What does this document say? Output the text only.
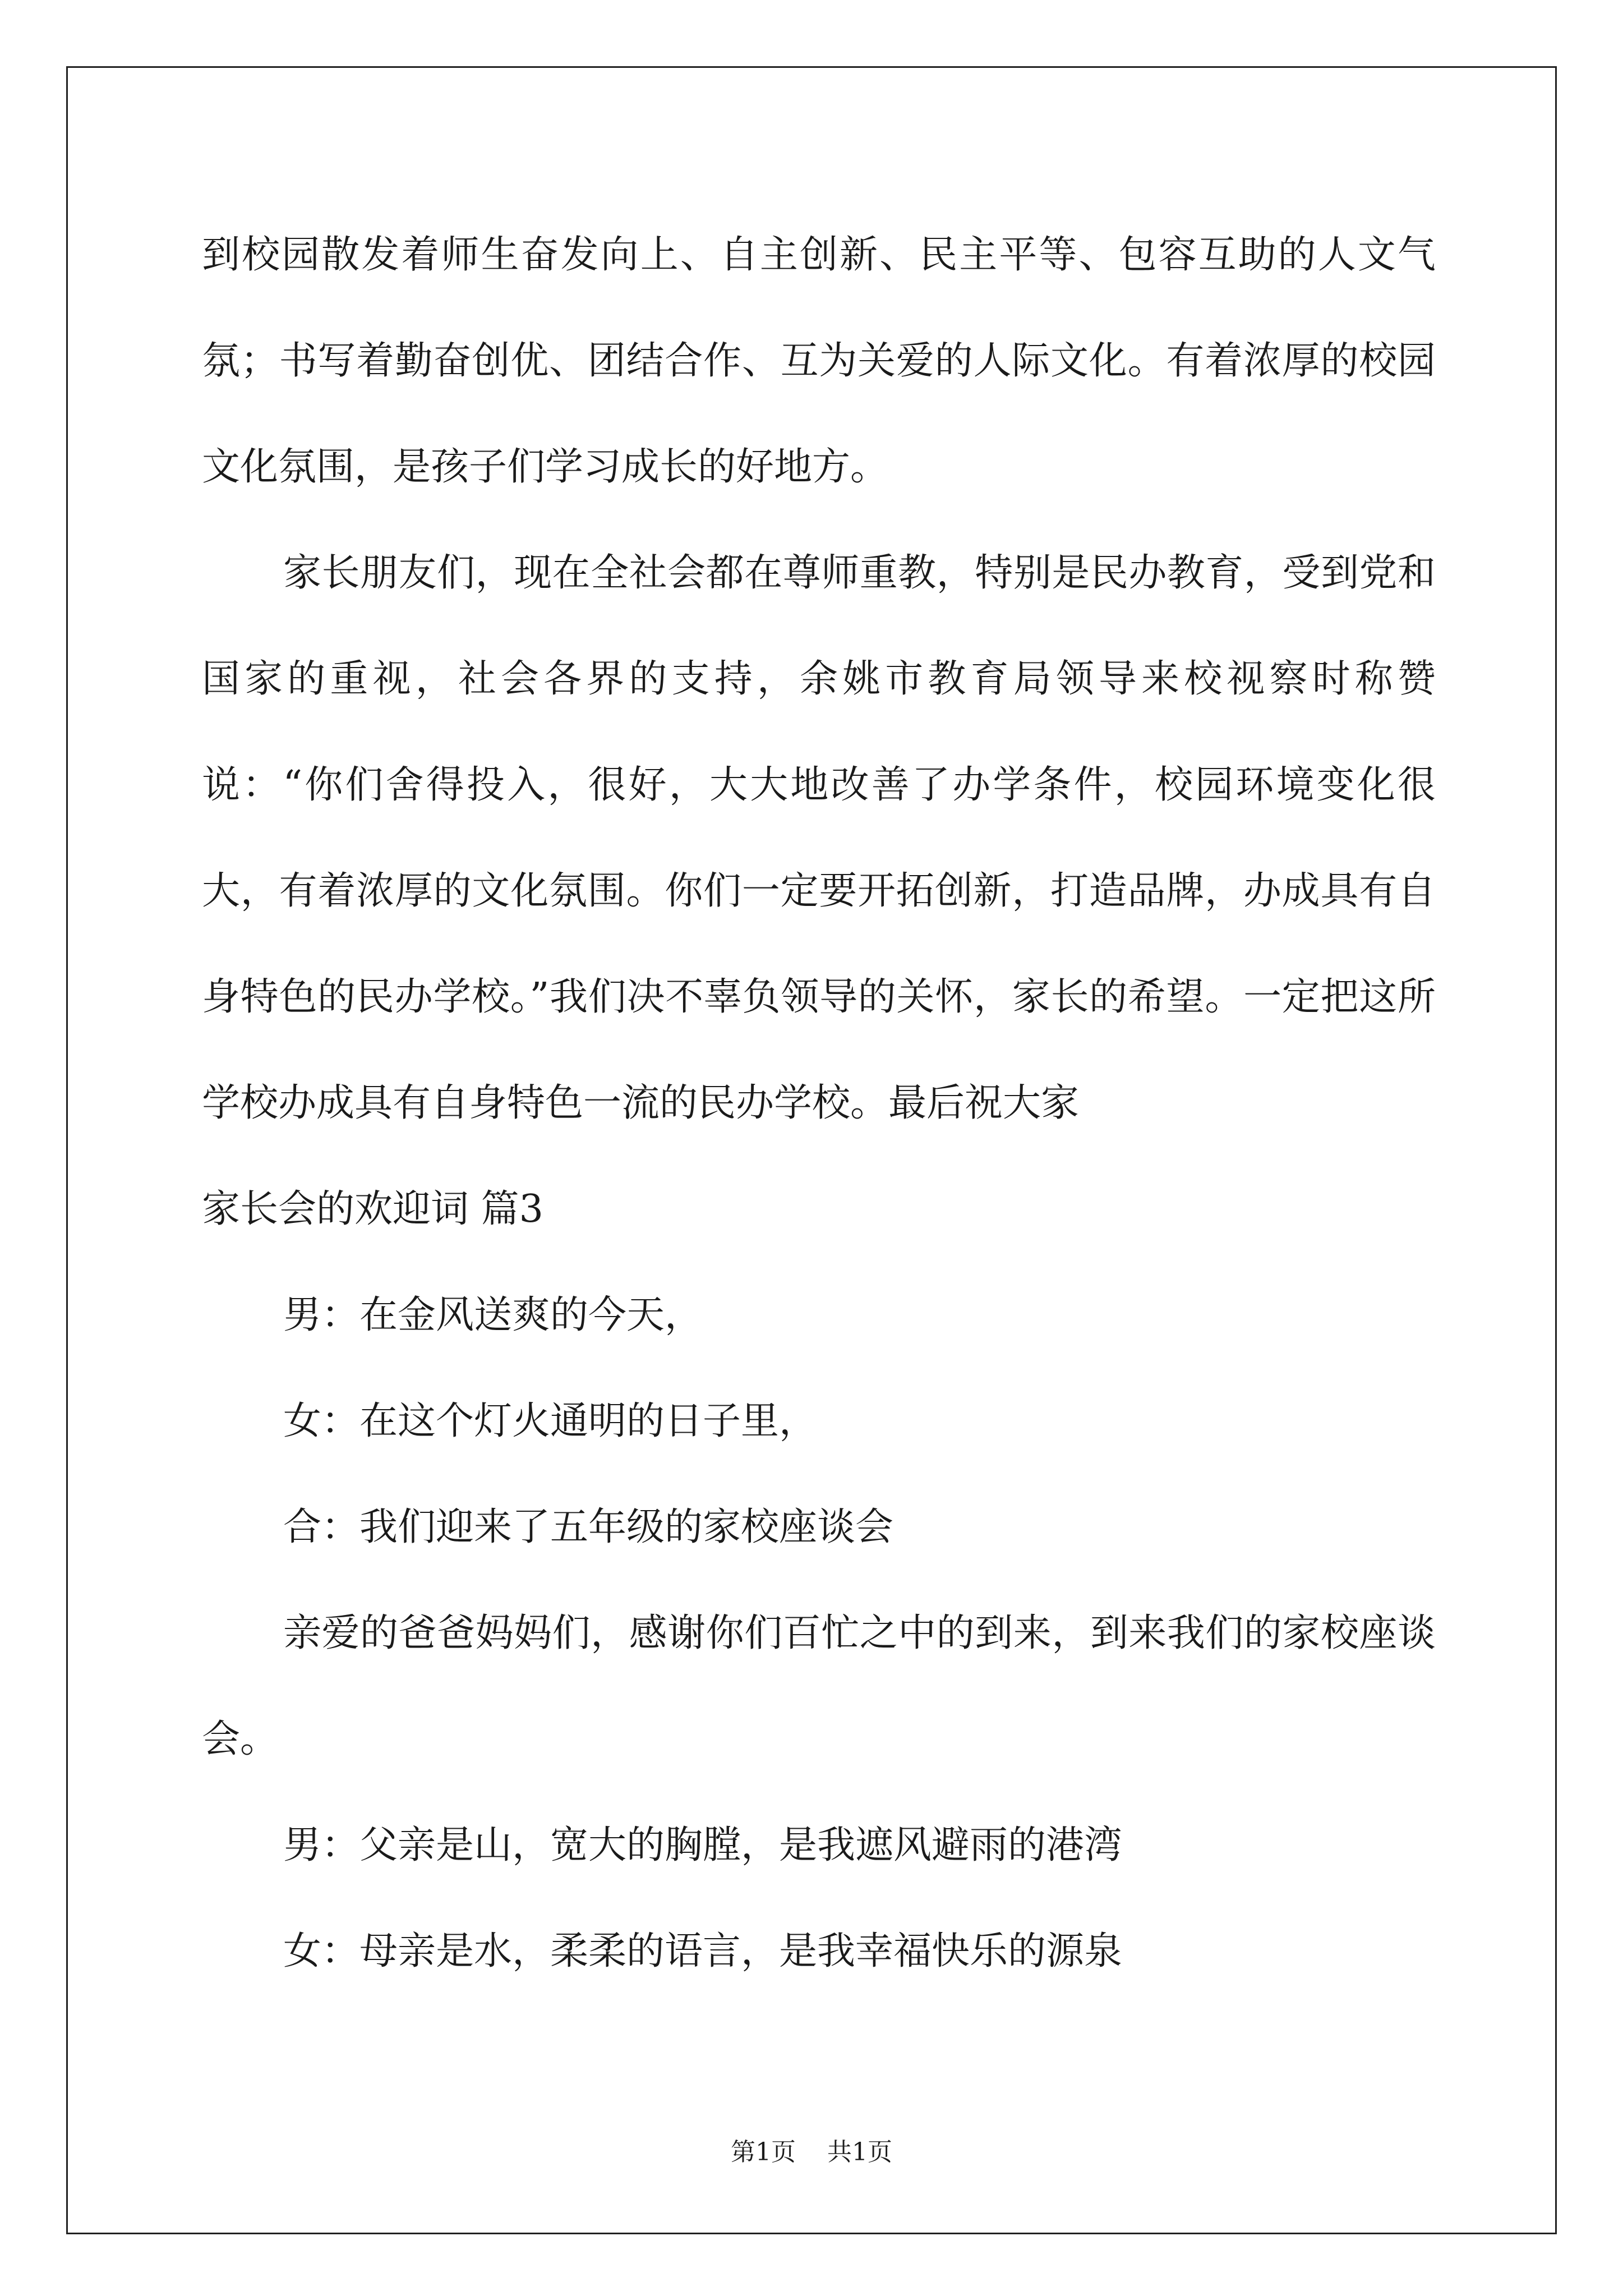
到校园散发着师生奋发向上、自主创新、民主平等、包容互助的人文气氛；书写着勤奋创优、团结合作、互为关爱的人际文化。有着浓厚的校园文化氛围，是孩子们学习成长的好地方。

家长朋友们，现在全社会都在尊师重教，特别是民办教育，受到党和国家的重视，社会各界的支持，余姚市教育局领导来校视察时称赞说：“你们舍得投入，很好，大大地改善了办学条件，校园环境变化很大，有着浓厚的文化氛围。你们一定要开拓创新，打造品牌，办成具有自身特色的民办学校。”我们决不辜负领导的关怀，家长的希望。一定把这所学校办成具有自身特色一流的民办学校。最后祝大家

家长会的欢迎词 篇3

男：在金风送爽的今天，

女：在这个灯火通明的日子里，

合：我们迎来了五年级的家校座谈会

亲爱的爸爸妈妈们，感谢你们百忙之中的到来，到来我们的家校座谈会。

男：父亲是山，宽大的胸膛，是我遮风避雨的港湾

女：母亲是水，柔柔的语言，是我幸福快乐的源泉

第1页 共1页
